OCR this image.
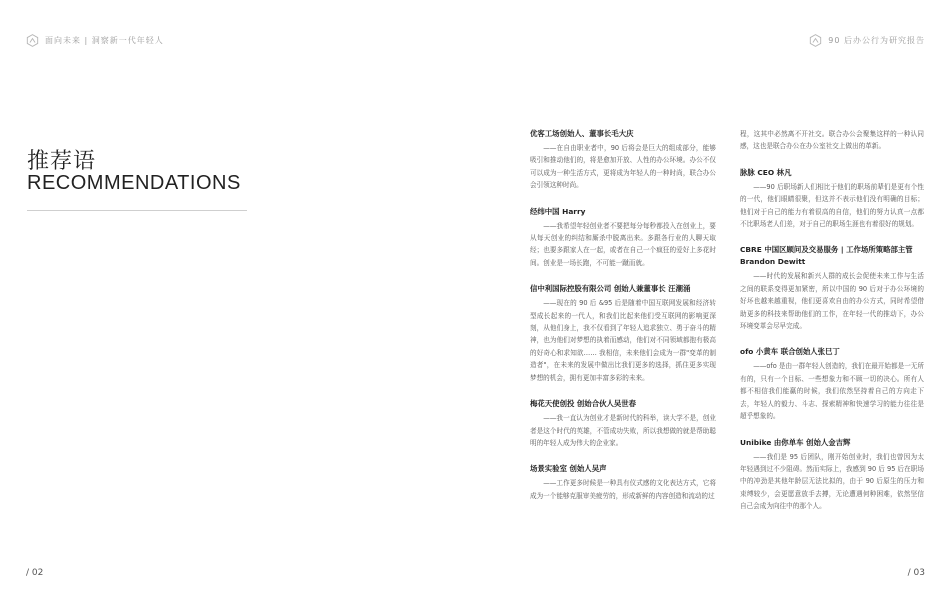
面向未来 | 洞察新一代年轻人
推荐语
RECOMMENDATIONS
/ 02
90 后办公行为研究报告
/ 03
优客工场创始人、董事长毛大庆
——在自由职业者中，90 后将会是巨大的组成部分，能够吸引和推动他们的，将是愈加开放、人性的办公环境。办公不仅可以成为一种生活方式，更将成为年轻人的一种时尚，联合办公会引领这种时尚。
经纬中国 Harry
——我希望年轻创业者不要把每分每秒都投入在创业上，要从每天创业的纠结和厮杀中脱离出来。多跟各行业的人聊天取经；也要多跟家人在一起，或者在自己一个疯狂的爱好上多花时间。创业是一场长跑，不可能一蹴而就。
信中利国际控股有限公司 创始人兼董事长 汪潮涌
——现在的 90 后 &95 后是随着中国互联网发展和经济转型成长起来的一代人，和我们比起来他们受互联网的影响更深刻，从他们身上，我不仅看到了年轻人追求独立、勇于奋斗的精神，也为他们对梦想的执着而感动，他们对不同领域都抱有极高的好奇心和求知欲…… 我相信，未来他们会成为一群"变革的制造者"，在未来的发展中做出比我们更多的选择，抓住更多实现梦想的机会，拥有更加丰富多彩的未来。
梅花天使创投 创始合伙人吴世春
——我一直认为创业才是新时代的科举，读大学不是，创业者是这个时代的英雄，不管成功失败，所以我想做的就是帮助聪明的年轻人成为伟大的企业家。
场景实验室 创始人吴声
——工作更多时候是一种具有仪式感的文化表达方式，它将成为一个能够克服审美疲劳的，形成新鲜的内容创造和流动的过
程，这其中必然离不开社交。联合办公会聚集这样的一种认同感，这也是联合办公在办公室社交上做出的革新。
脉脉 CEO 林凡
——90 后职场新人们相比于他们的职场前辈们是更有个性的一代，他们眼睛很聚，但这并不表示他们没有明确的目标；他们对于自己的能力有着很高的自信，他们的努力认真一点都不比职场老人们差，对于自己的职场生涯也有着很好的规划。
CBRE 中国区顾问及交易服务 | 工作场所策略部主管 Brandon Dewitt
——时代的发展和新兴人群的成长会促使未来工作与生活之间的联系变得更加紧密，所以中国的 90 后对于办公环境的好坏也越来越重视，他们更喜欢自由的办公方式，同时希望借助更多的科技来帮助他们的工作，在年轻一代的推动下，办公环境变革会尽早完成。
ofo 小黄车 联合创始人张巳丁
——ofo 是由一群年轻人创造的，我们在最开始都是一无所有的，只有一个目标、一些想象力和不顾一切的决心。所有人都不相信我们能赢的时候，我们依然坚持着自己的方向走下去，年轻人的毅力、斗志、探索精神和快速学习的能力往往是超乎想象的。
Unibike 由你单车 创始人金吉辉
——我们是 95 后团队，刚开始创业时，我们也曾因为太年轻遇到过不少阻碍。然而实际上，我感到 90 后 95 后在职场中的冲劲是其他年龄层无法比拟的，由于 90 后原生的压力和束缚较少，会更愿意放手去搏，无论遭遇何种困难，依然坚信自己会成为向往中的那个人。
